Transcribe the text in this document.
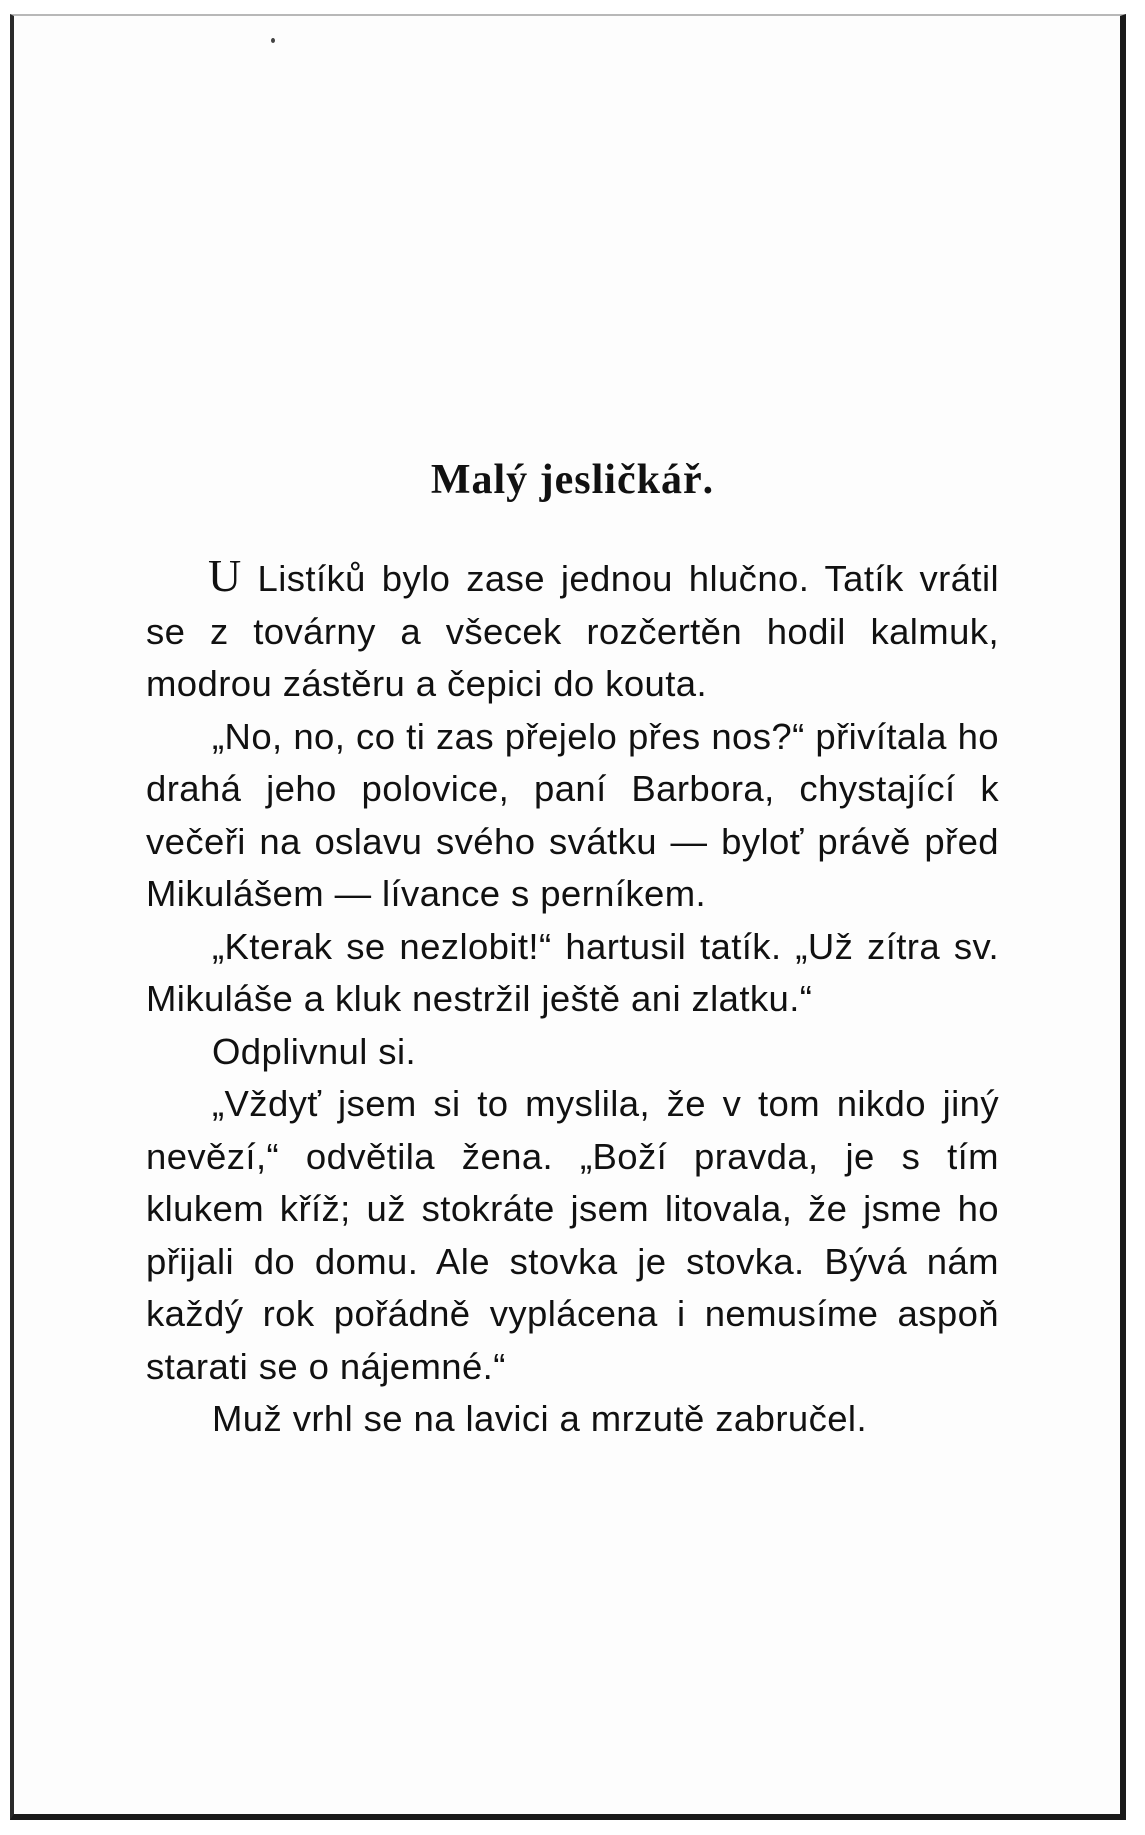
Malý jesličkář.

U Listíků bylo zase jednou hlučno. Tatík vrátil se z továrny a všecek rozčertěn hodil kalmuk, modrou zástěru a čepici do kouta.

„No, no, co ti zas přejelo přes nos?“ přivítala ho drahá jeho polovice, paní Barbora, chystající k večeři na oslavu svého svátku — byloť právě před Mikulášem — lívance s perníkem.

„Kterak se nezlobit!“ hartusil tatík. „Už zítra sv. Mikuláše a kluk nestržil ještě ani zlatku.“

Odplivnul si.

„Vždyť jsem si to myslila, že v tom nikdo jiný nevězí,“ odvětila žena. „Boží pravda, je s tím klukem kříž; už stokráte jsem litovala, že jsme ho přijali do domu. Ale stovka je stovka. Bývá nám každý rok pořádně vyplácena i nemusíme aspoň starati se o nájemné.“

Muž vrhl se na lavici a mrzutě zabručel.
